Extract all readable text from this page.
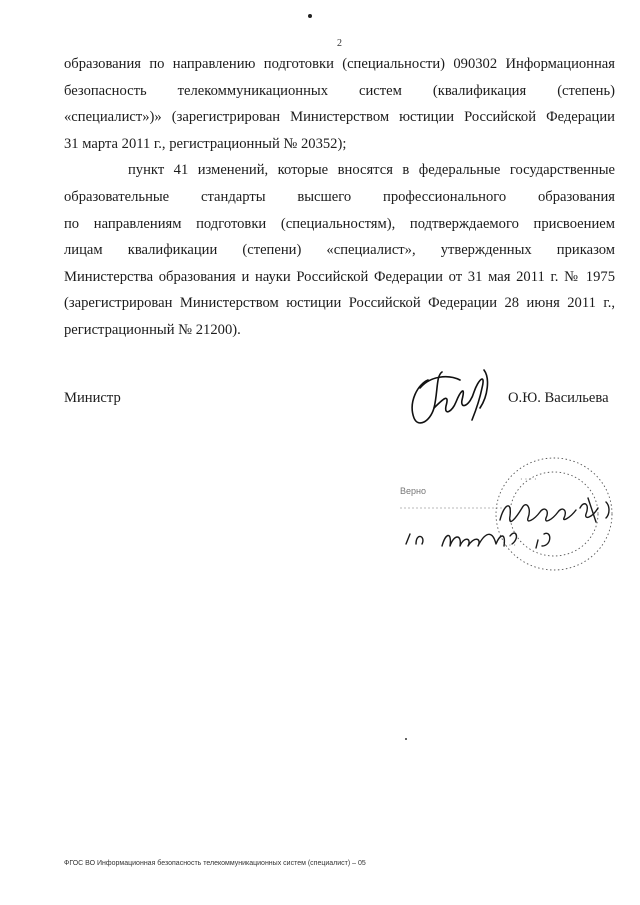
2
образования по направлению подготовки (специальности) 090302 Информационная
безопасность телекоммуникационных систем (квалификация (степень)
«специалист»)» (зарегистрирован Министерством юстиции Российской Федерации
31 марта 2011 г., регистрационный № 20352);
пункт 41 изменений, которые вносятся в федеральные государственные
образовательные стандарты высшего профессионального образования
по направлениям подготовки (специальностям), подтверждаемого присвоением
лицам квалификации (степени) «специалист», утвержденных приказом
Министерства образования и науки Российской Федерации от 31 мая 2011 г. № 1975
(зарегистрирован Министерством юстиции Российской Федерации 28 июня 2011 г.,
регистрационный № 21200).
Министр	О.Ю. Васильева
· · · ·
· · ·
Верно
ФГОС ВО Информационная безопасность телекоммуникационных систем (специалист) – 05
